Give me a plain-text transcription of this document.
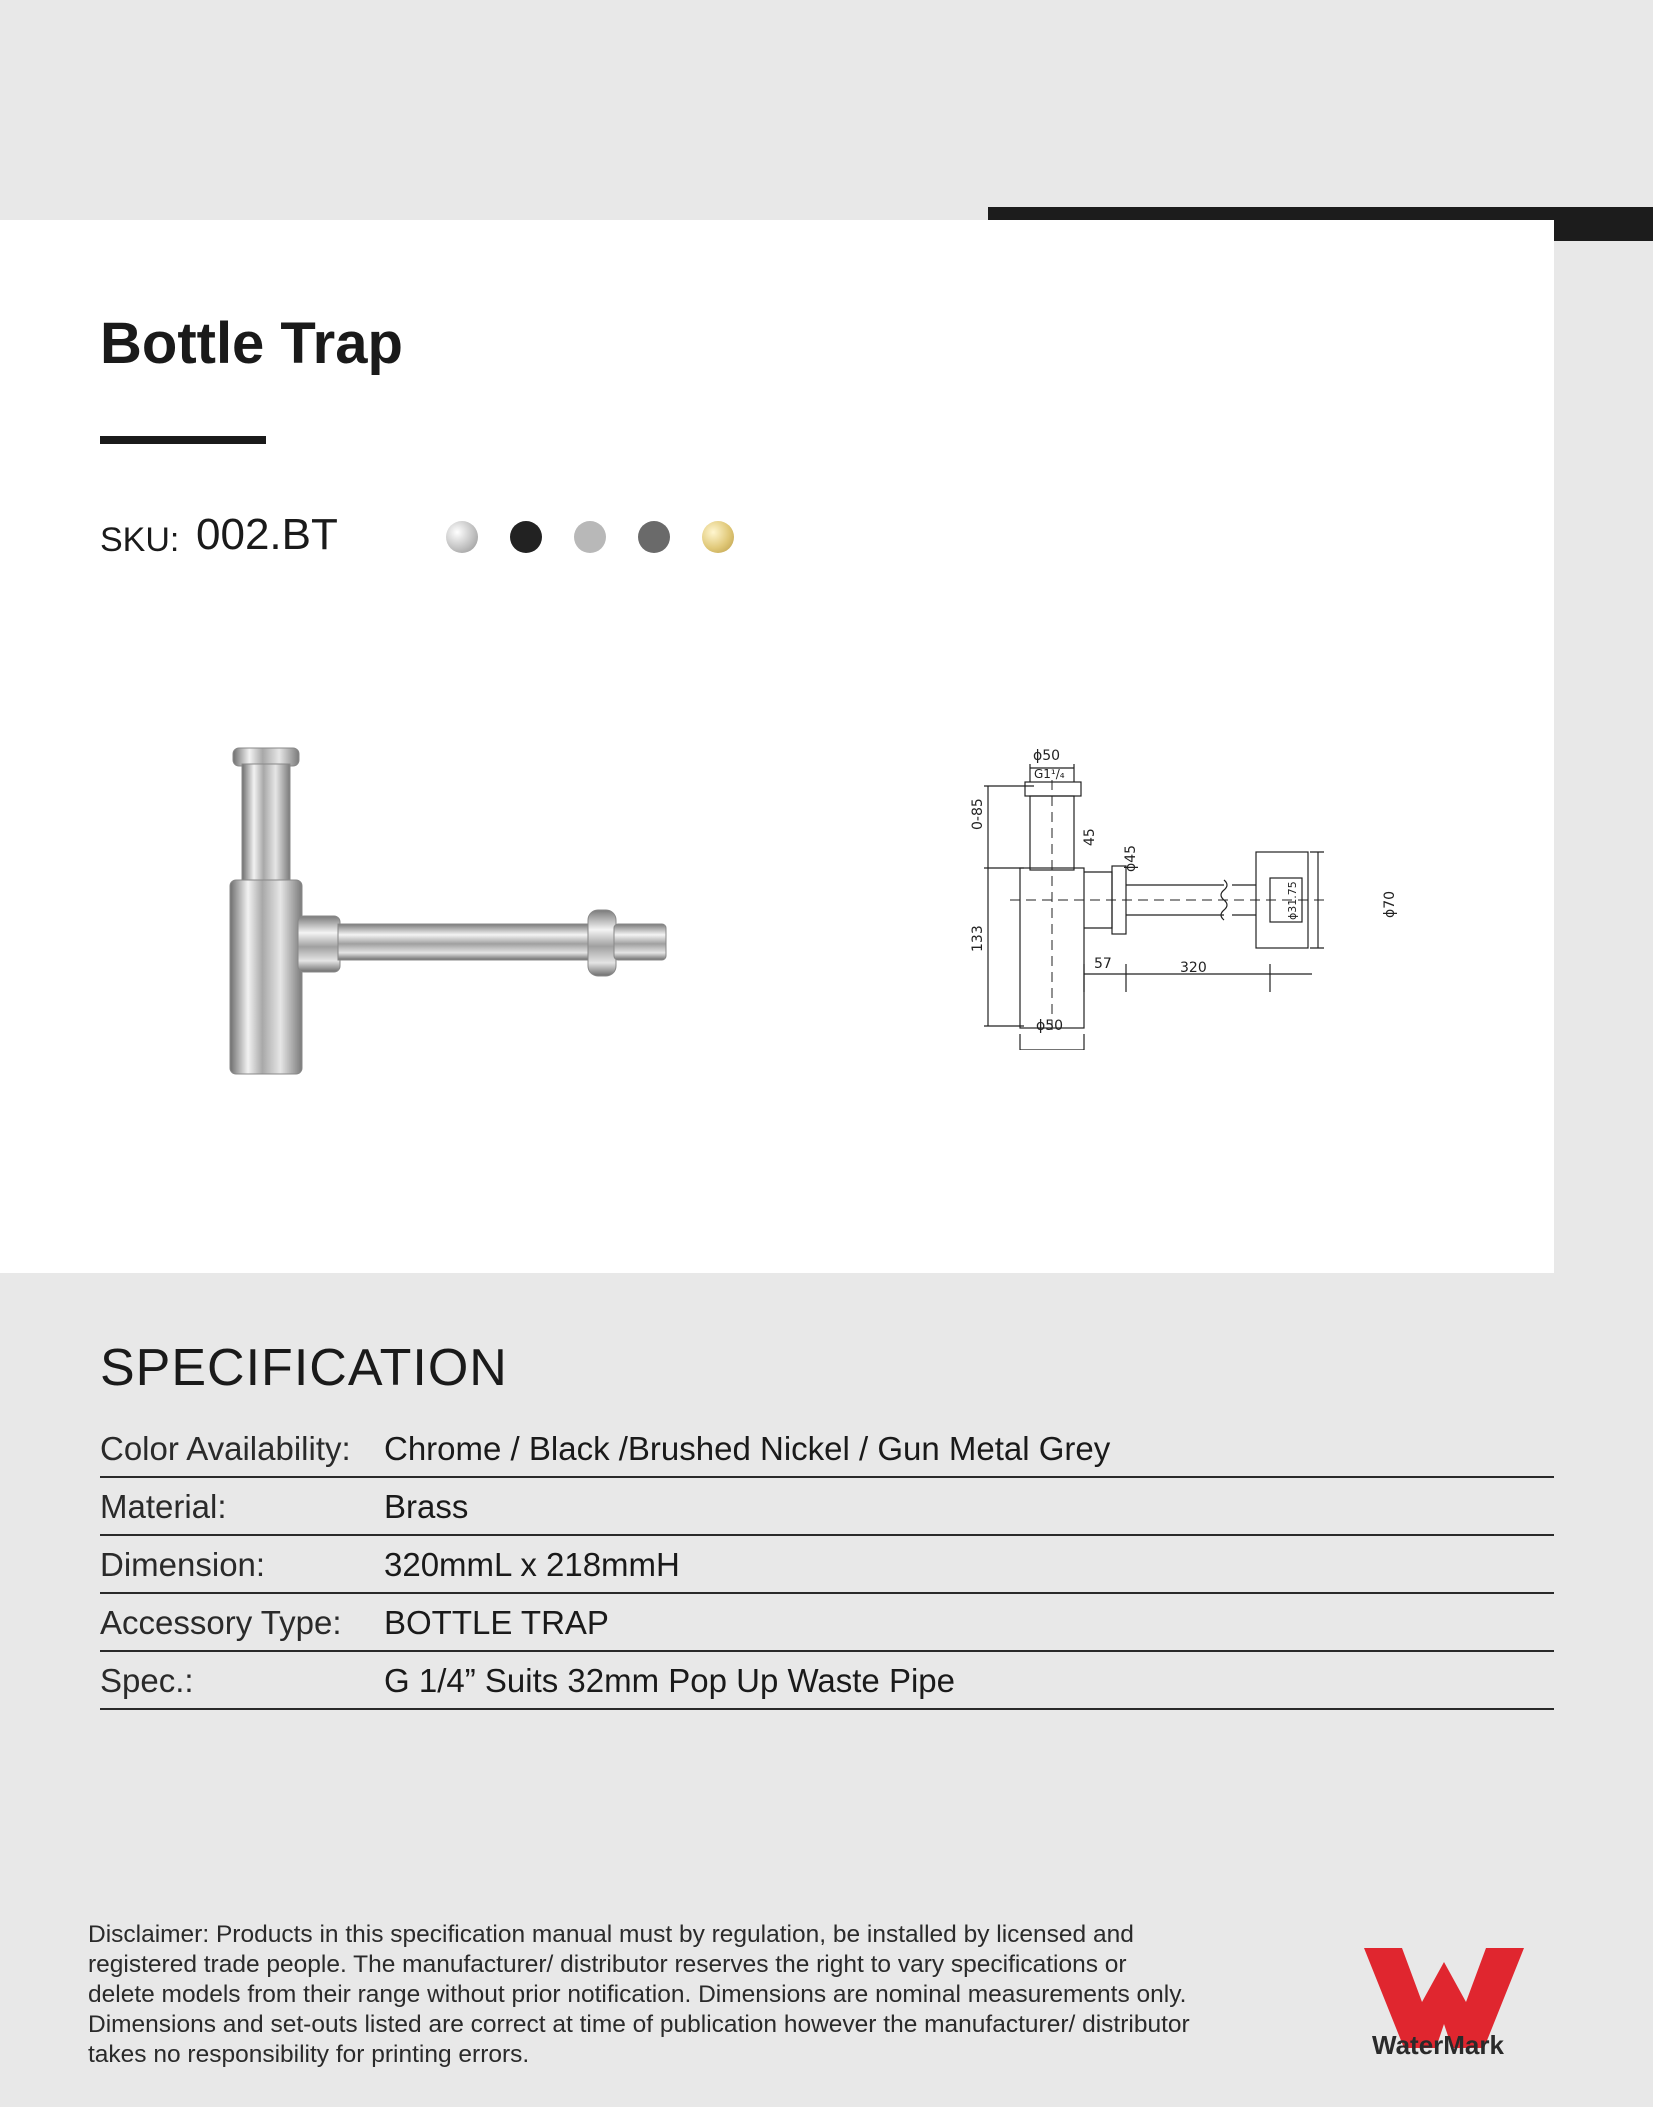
Bottle Trap
SKU: 002.BT
ϕ50
G1¹/₄
0-85
45
ϕ45
133
57	320
ϕ31.75	ϕ70
ϕ50
SPECIFICATION
Color Availability: Chrome / Black /Brushed Nickel / Gun Metal Grey
Material:	Brass
Dimension:	320mmL x 218mmH
Accessory Type: BOTTLE TRAP
Spec.:	G 1/4” Suits 32mm Pop Up Waste Pipe
Disclaimer: Products in this specification manual must by regulation, be installed by licensed and registered trade people. The manufacturer/ distributor reserves the right to vary specifications or delete models from their range without prior notification. Dimensions are nominal measurements only. Dimensions and set-outs listed are correct at time of publication however the manufacturer/ distributor takes no responsibility for printing errors.	WaterMark
